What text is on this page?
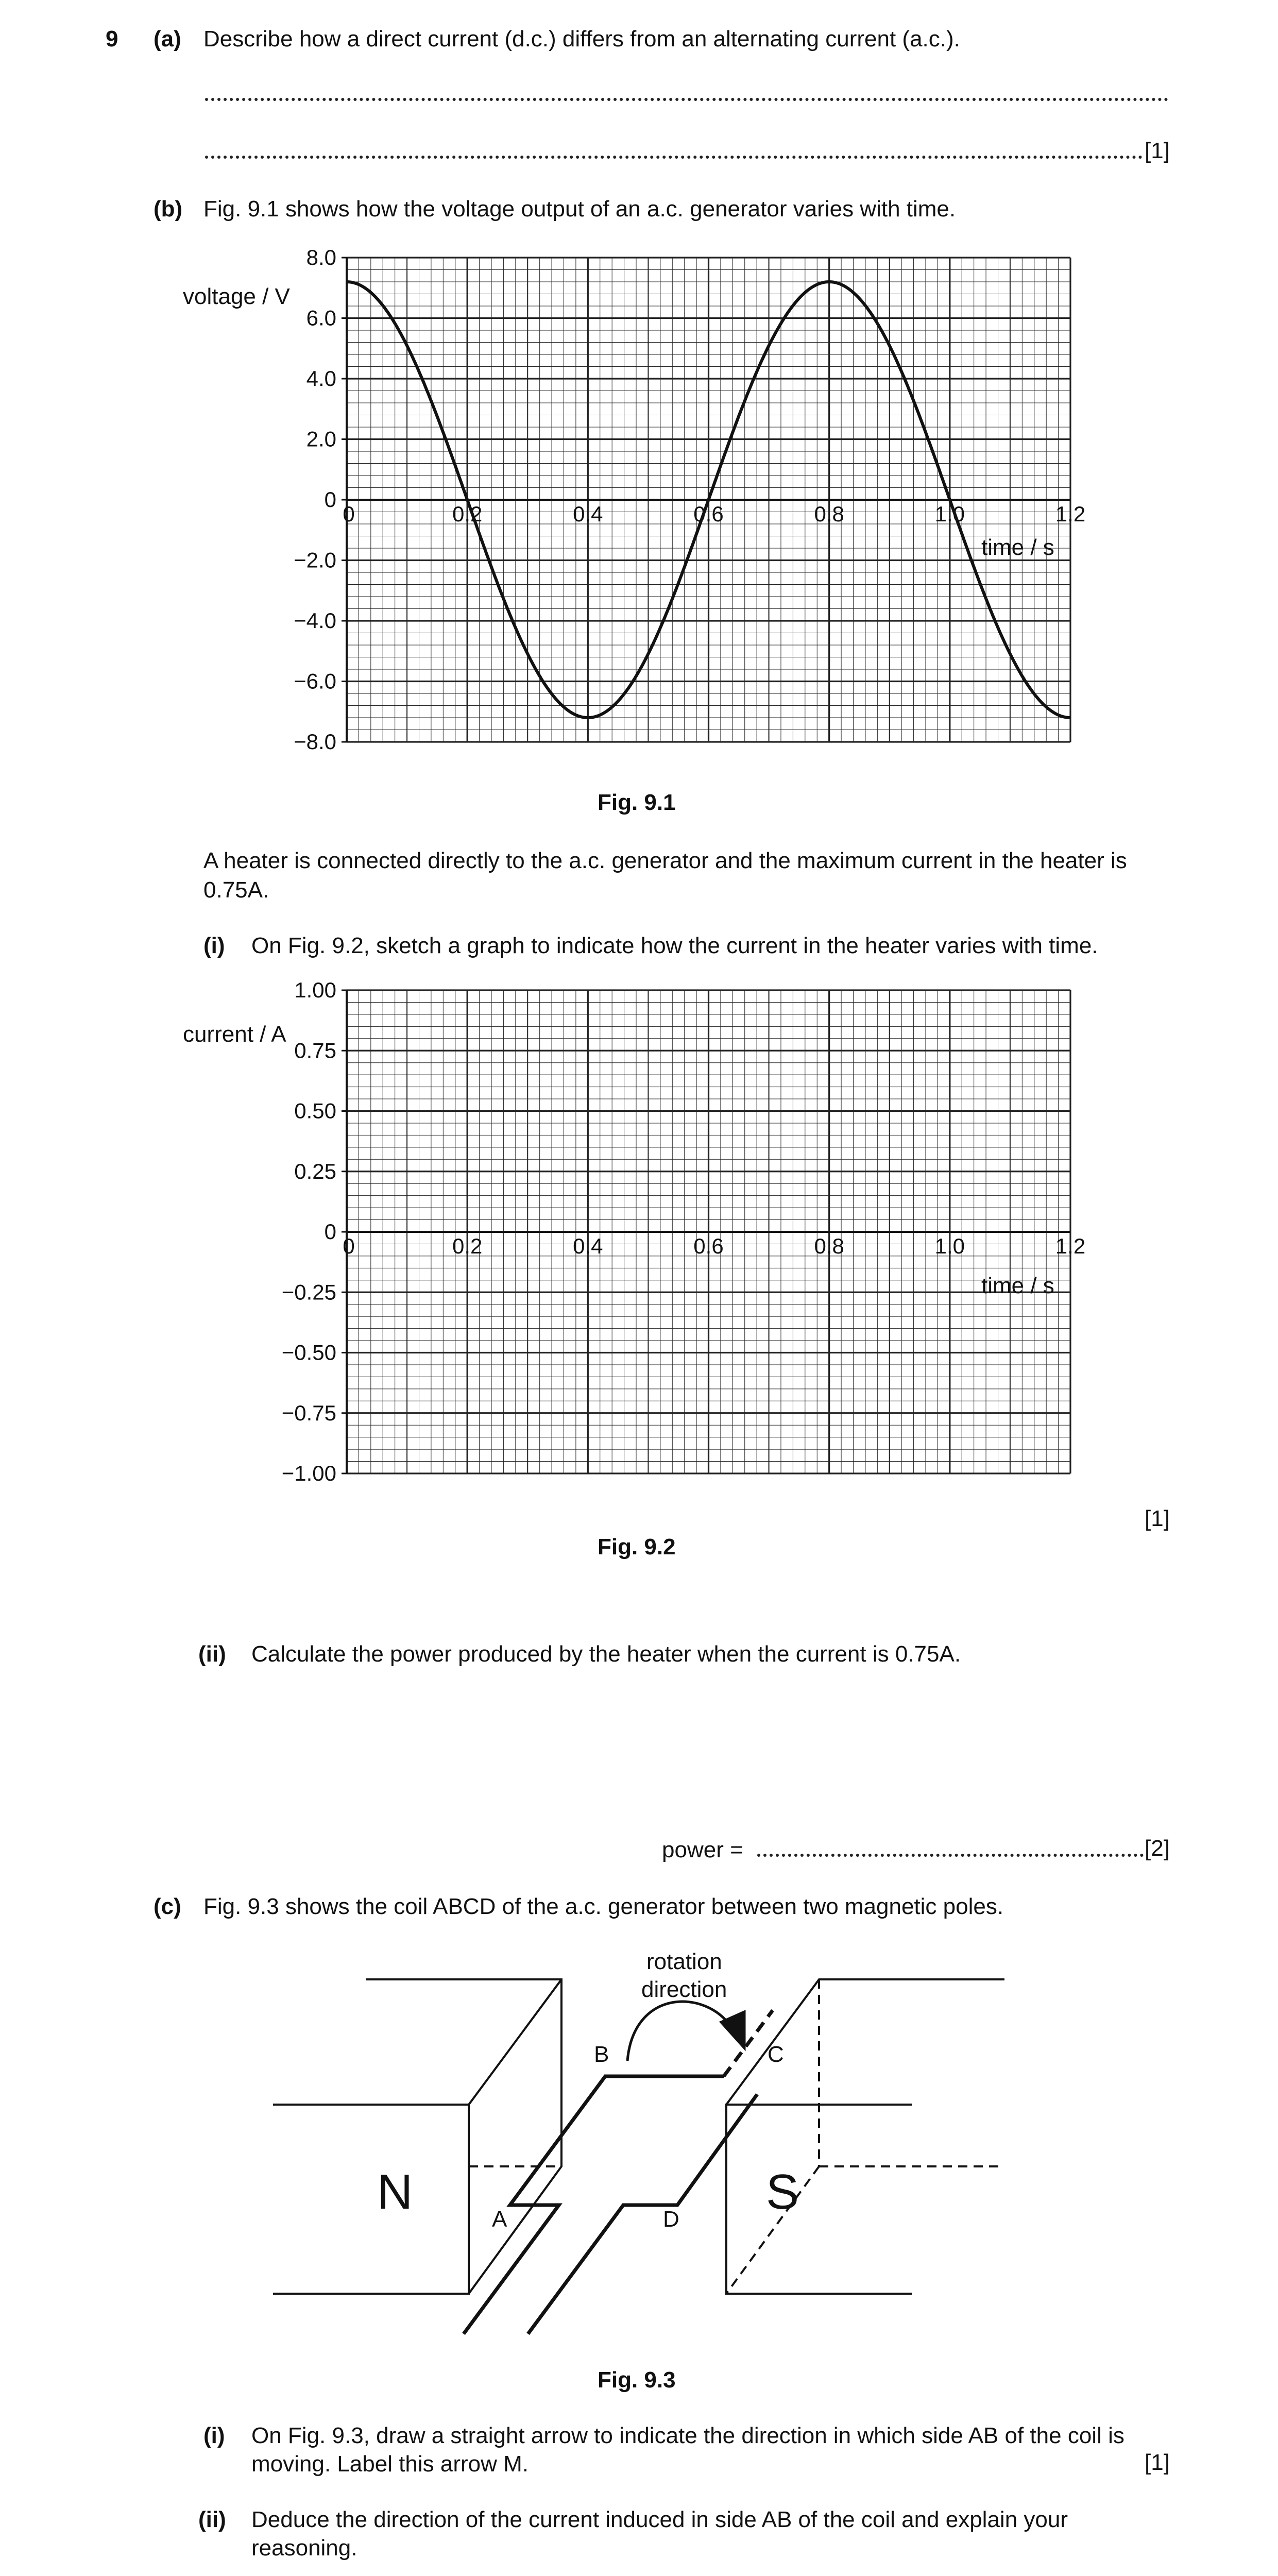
9 (a) Describe how a direct current (d.c.) differs from an alternating current (a.c.).
[1]
(b) Fig. 9.1 shows how the voltage output of an a.c. generator varies with time.
8.0
6.0
4.0
2.0
0
−2.0
−4.0
−6.0
−8.0
0	0.2	0.4	0.6	0.8	1.0	1.2
voltage / V
time / s
Fig. 9.1
A heater is connected directly to the a.c. generator and the maximum current in the heater is
0.75A.
(i) On Fig. 9.2, sketch a graph to indicate how the current in the heater varies with time.
1.00
0.75
0.50
0.25
0
−0.25
−0.50
−0.75
−1.00
0	0.2	0.4	0.6	0.8	1.0	1.2
current / A
time / s
[1]
Fig. 9.2
(ii) Calculate the power produced by the heater when the current is 0.75A.
power =	[2]
(c) Fig. 9.3 shows the coil ABCD of the a.c. generator between two magnetic poles.
rotation
direction
N	S
A
B	C
D
Fig. 9.3
(i) On Fig. 9.3, draw a straight arrow to indicate the direction in which side AB of the coil is
moving. Label this arrow M.	[1]
(ii) Deduce the direction of the current induced in side AB of the coil and explain your
reasoning.
